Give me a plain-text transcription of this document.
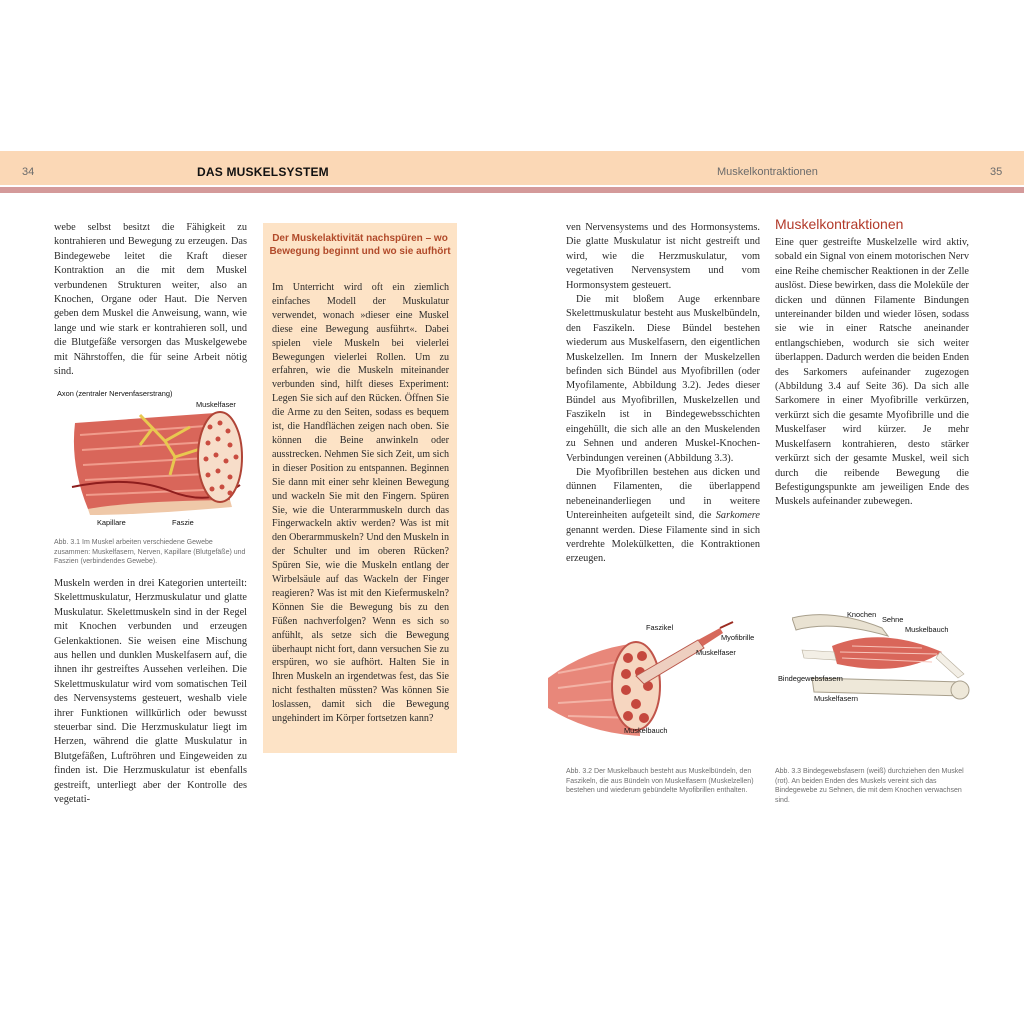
34	DAS MUSKELSYSTEM	Muskelkontraktionen	35

webe selbst besitzt die Fähigkeit zu kontrahieren und Bewegung zu erzeugen. Das Bindegewebe leitet die Kraft dieser Kontraktion an die mit dem Muskel verbundenen Strukturen weiter, also an Knochen, Organe oder Haut. Die Nerven geben dem Muskel die Anweisung, wann, wie lange und wie stark er kontrahieren soll, und die Blutgefäße versorgen das Muskelgewebe mit Nährstoffen, die für seine Arbeit nötig sind.

Axon (zentraler Nervenfaserstrang)
Muskelfaser
Kapillare	Faszie
Abb. 3.1 Im Muskel arbeiten verschiedene Gewebe zusammen: Muskelfasern, Nerven, Kapillare (Blutgefäße) und Faszien (verbindendes Gewebe).

Muskeln werden in drei Kategorien unterteilt: Skelettmuskulatur, Herzmuskulatur und glatte Muskulatur. Skelettmuskeln sind in der Regel mit Knochen verbunden und erzeugen Gelenkaktionen. Sie weisen eine Mischung aus hellen und dunklen Muskelfasern auf, die ihnen ihr gestreiftes Aussehen verleihen. Die Skelettmuskulatur wird vom somatischen Teil des Nervensystems gesteuert, weshalb viele ihrer Funktionen willkürlich oder bewusst steuerbar sind. Die Herzmuskulatur liegt im Herzen, während die glatte Muskulatur in Blutgefäßen, Luftröhren und Eingeweiden zu finden ist. Die Herzmuskulatur ist ebenfalls gestreift, unterliegt aber der Kontrolle des vegetati-

Der Muskelaktivität nachspüren – wo Bewegung beginnt und wo sie aufhört
Im Unterricht wird oft ein ziemlich einfaches Modell der Muskulatur verwendet, wonach »dieser eine Muskel diese eine Bewegung ausführt«. Dabei spielen viele Muskeln bei vielerlei Bewegungen vielerlei Rollen. Um zu erfahren, wie die Muskeln miteinander verbunden sind, hilft dieses Experiment: Legen Sie sich auf den Rücken. Öffnen Sie die Arme zu den Seiten, sodass es bequem ist, die Handflächen zeigen nach oben. Sie können die Beine anwinkeln oder ausstrecken. Nehmen Sie sich Zeit, um sich in dieser Position zu entspannen. Beginnen Sie dann mit einer sehr kleinen Bewegung und wackeln Sie mit den Fingern. Spüren Sie, wie die Unterarmmuskeln durch das Fingerwackeln aktiv werden? Was ist mit den Oberarmmuskeln? Und den Muskeln in der Schulter und im oberen Rücken? Spüren Sie, wie die Muskeln entlang der Wirbelsäule auf das Wackeln der Finger reagieren? Was ist mit den Kiefermuskeln? Können Sie die Bewegung bis zu den Füßen nachverfolgen? Wenn es sich so anfühlt, als setze sich die Bewegung überhaupt nicht fort, dann versuchen Sie zu erspüren, wo sie aufhört. Halten Sie in Ihren Muskeln an irgendetwas fest, das Sie nicht festhalten müssten? Was können Sie loslassen, damit sich die Bewegung ungehindert im Körper fortsetzen kann?

ven Nervensystems und des Hormonsystems. Die glatte Muskulatur ist nicht gestreift und wird, wie die Herzmuskulatur, vom vegetativen Nervensystem und vom Hormonsystem gesteuert.

Die mit bloßem Auge erkennbare Skelettmuskulatur besteht aus Muskelbündeln, den Faszikeln. Diese Bündel bestehen wiederum aus Muskelfasern, den eigentlichen Muskelzellen. Im Innern der Muskelzellen befinden sich Bündel aus Myofibrillen (oder Myofilamente, Abbildung 3.2). Jedes dieser Bündel aus Myofibrillen, Muskelzellen und Faszikeln ist in Bindegewebsschichten eingehüllt, die sich alle an den Muskelenden zu Sehnen und anderen Muskel-Knochen-Verbindungen vereinen (Abbildung 3.3).

Die Myofibrillen bestehen aus dicken und dünnen Filamenten, die überlappend nebeneinanderliegen und in weitere Untereinheiten aufgeteilt sind, die Sarkomere genannt werden. Diese Filamente sind in sich verdrehte Molekülketten, die Kontraktionen erzeugen.

Muskelkontraktionen

Eine quer gestreifte Muskelzelle wird aktiv, sobald ein Signal von einem motorischen Nerv eine Reihe chemischer Reaktionen in der Zelle auslöst. Diese bewirken, dass die Moleküle der dicken und dünnen Filamente Bindungen untereinander bilden und wieder lösen, sodass sie wie in einer Ratsche aneinander entlangschieben, wodurch sie sich weiter überlappen. Dadurch werden die beiden Enden des Sarkomers aufeinander zugezogen (Abbildung 3.4 auf Seite 36). Da sich alle Sarkomere in einer Myofibrille verkürzen, verkürzt sich die gesamte Myofibrille und die Muskelfaser wird kürzer. Je mehr Muskelfasern kontrahieren, desto stärker verkürzt sich der gesamte Muskel, weil sich durch die reibende Bewegung die Befestigungspunkte am jeweiligen Ende des Muskels aufeinander zubewegen.

Faszikel
Myofibrille
Muskelfaser
Muskelbauch
Abb. 3.2 Der Muskelbauch besteht aus Muskelbündeln, den Faszikeln, die aus Bündeln von Muskelfasern (Muskelzellen) bestehen und wiederum gebündelte Myofibrillen enthalten.
Knochen
Sehne
Muskelbauch
Bindegewebsfasern
Muskelfasern
Abb. 3.3 Bindegewebsfasern (weiß) durchziehen den Muskel (rot). An beiden Enden des Muskels vereint sich das Bindegewebe zu Sehnen, die mit dem Knochen verwachsen sind.
